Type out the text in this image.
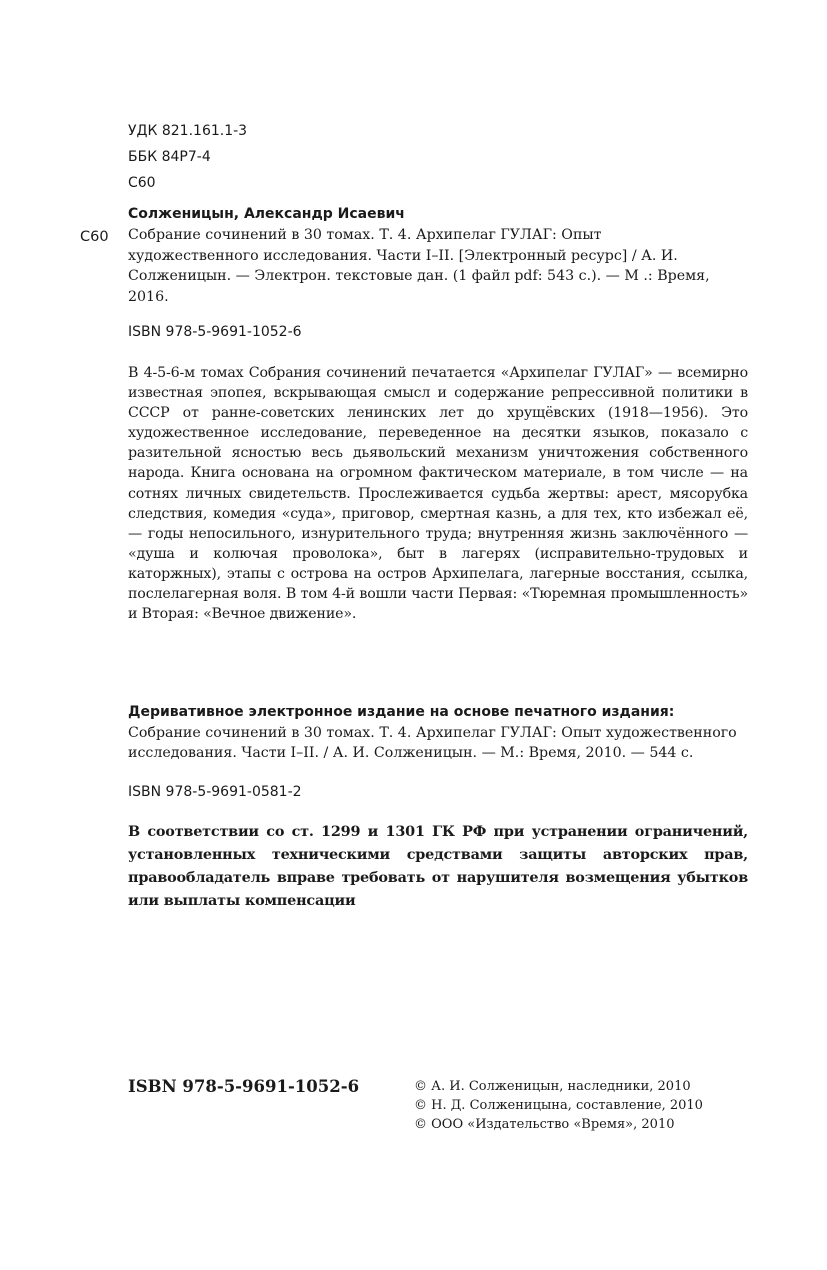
УДК 821.161.1-3
ББК 84Р7-4
С60
Солженицын, Александр Исаевич
С60 Собрание сочинений в 30 томах. Т. 4. Архипелаг ГУЛАГ: Опыт
художественного исследования. Части I–II. [Электронный ресурс] / А. И.
Солженицын. — Электрон. текстовые дан. (1 файл pdf: 543 с.). — М .: Время,
2016.
ISBN 978-5-9691-1052-6
В 4-5-6-м томах Собрания сочинений печатается «Архипелаг ГУЛАГ» — всемирно известная эпопея, вскрывающая смысл и содержание репрессивной политики в СССР от ранне-советских ленинских лет до хрущёвских (1918—1956). Это художественное исследование, переведенное на десятки языков, показало с разительной ясностью весь дьявольский механизм уничтожения собственного народа. Книга основана на огромном фактическом материале, в том числе — на сотнях личных свидетельств. Прослеживается судьба жертвы: арест, мясорубка следствия, комедия «суда», приговор, смертная казнь, а для тех, кто избежал её, — годы непосильного, изнурительного труда; внутренняя жизнь заключённого — «душа и колючая проволока», быт в лагерях (исправительно-трудовых и каторжных), этапы с острова на остров Архипелага, лагерные восстания, ссылка, послелагерная воля. В том 4-й вошли части Первая: «Тюремная промышленность» и Вторая: «Вечное движение».
Деривативное электронное издание на основе печатного издания: Собрание сочинений в 30 томах. Т. 4. Архипелаг ГУЛАГ: Опыт художественного исследования. Части I–II. / А. И. Солженицын. — М.: Время, 2010. — 544 с.
ISBN 978-5-9691-0581-2
В соответствии со ст. 1299 и 1301 ГК РФ при устранении ограничений, установленных техническими средствами защиты авторских прав, правообладатель вправе требовать от нарушителя возмещения убытков или выплаты компенсации
ISBN 978-5-9691-1052-6	© А. И. Солженицын, наследники, 2010
© Н. Д. Солженицына, составление, 2010
© ООО «Издательство «Время», 2010
